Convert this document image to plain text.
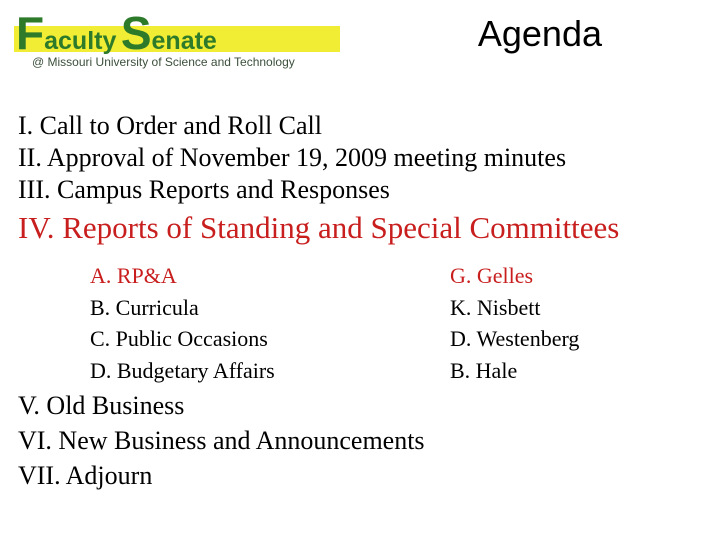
Faculty Senate
@ Missouri University of Science and Technology
Agenda
I. Call to Order and Roll Call
II. Approval of November 19, 2009 meeting minutes
III. Campus Reports and Responses
IV. Reports of Standing and Special Committees
A. RP&A	G. Gelles
B. Curricula	K. Nisbett
C. Public Occasions	D. Westenberg
D. Budgetary Affairs	B. Hale
V. Old Business
VI. New Business and Announcements
VII. Adjourn
